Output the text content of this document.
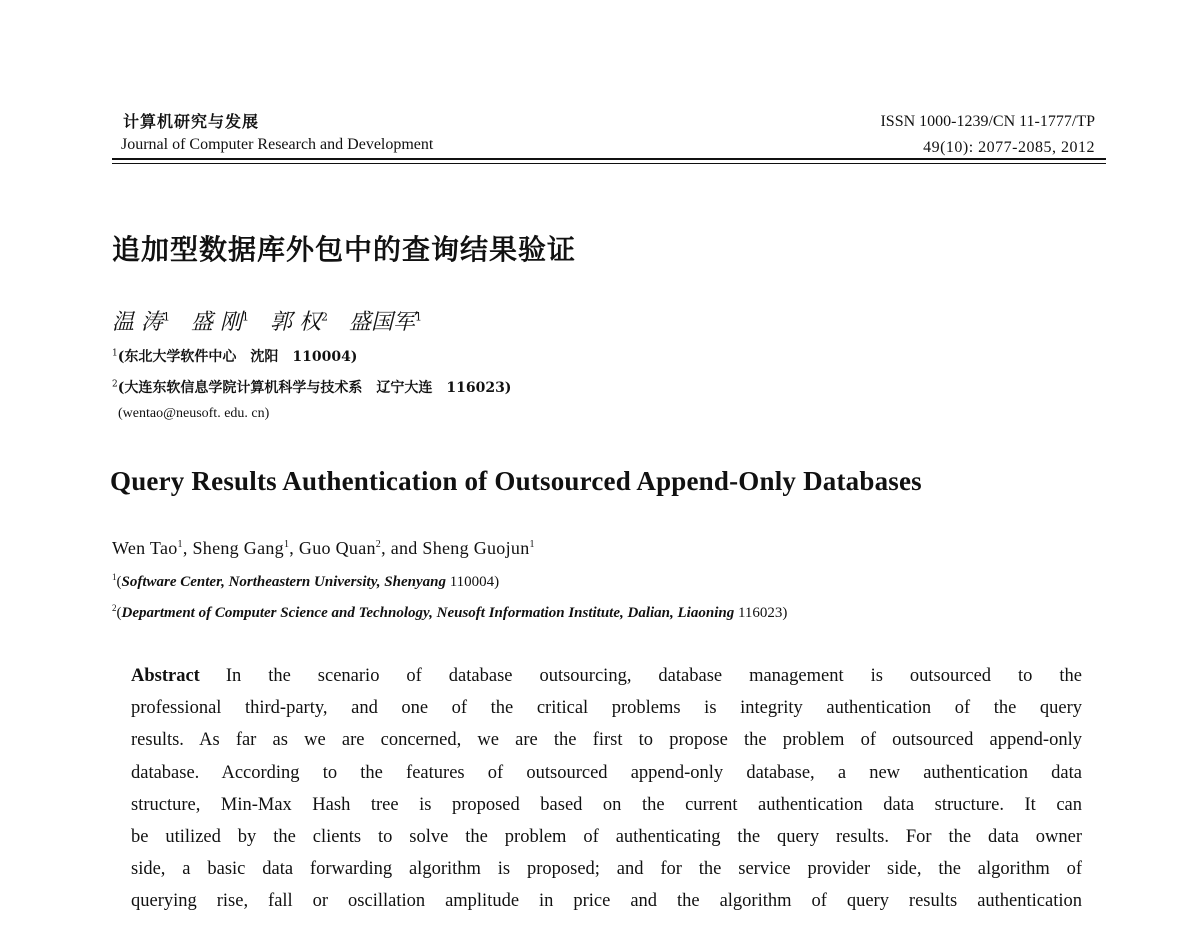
计算机研究与发展
Journal of Computer Research and Development
ISSN 1000-1239/CN 11-1777/TP
49(10): 2077-2085, 2012
追加型数据库外包中的查询结果验证
温 涛$^1$ 盛 刚$^1$ 郭 权$^2$ 盛国军$^1$
$^1$(东北大学软件中心　沈阳　110004)
$^2$(大连东软信息学院计算机科学与技术系　辽宁大连　116023)
(wentao@neusoft. edu. cn)
Query Results Authentication of Outsourced Append-Only Databases
Wen Tao$^1$, Sheng Gang$^1$, Guo Quan$^2$, and Sheng Guojun$^1$
$^1$(Software Center, Northeastern University, Shenyang 110004)
$^2$(Department of Computer Science and Technology, Neusoft Information Institute, Dalian, Liaoning 116023)
Abstract In the scenario of database outsourcing, database management is outsourced to the
professional third-party, and one of the critical problems is integrity authentication of the query
results. As far as we are concerned, we are the first to propose the problem of outsourced append-only
database. According to the features of outsourced append-only database, a new authentication data
structure, Min-Max Hash tree is proposed based on the current authentication data structure. It can
be utilized by the clients to solve the problem of authenticating the query results. For the data owner
side, a basic data forwarding algorithm is proposed; and for the service provider side, the algorithm of
querying rise, fall or oscillation amplitude in price and the algorithm of query results authentication
